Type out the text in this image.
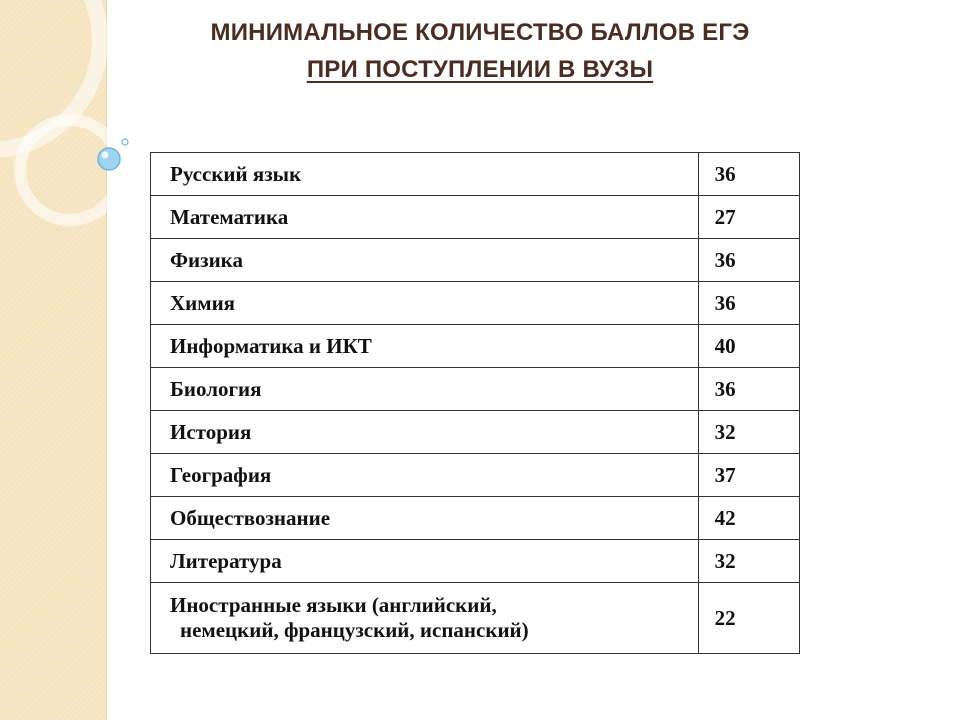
МИНИМАЛЬНОЕ КОЛИЧЕСТВО БАЛЛОВ ЕГЭ
ПРИ ПОСТУПЛЕНИИ В ВУЗЫ
Русский язык	36
Математика	27
Физика	36
Химия	36
Информатика и ИКТ	40
Биология	36
История	32
География	37
Обществознание	42
Литература	32
Иностранные языки (английский,
немецкий, французский, испанский)	22
